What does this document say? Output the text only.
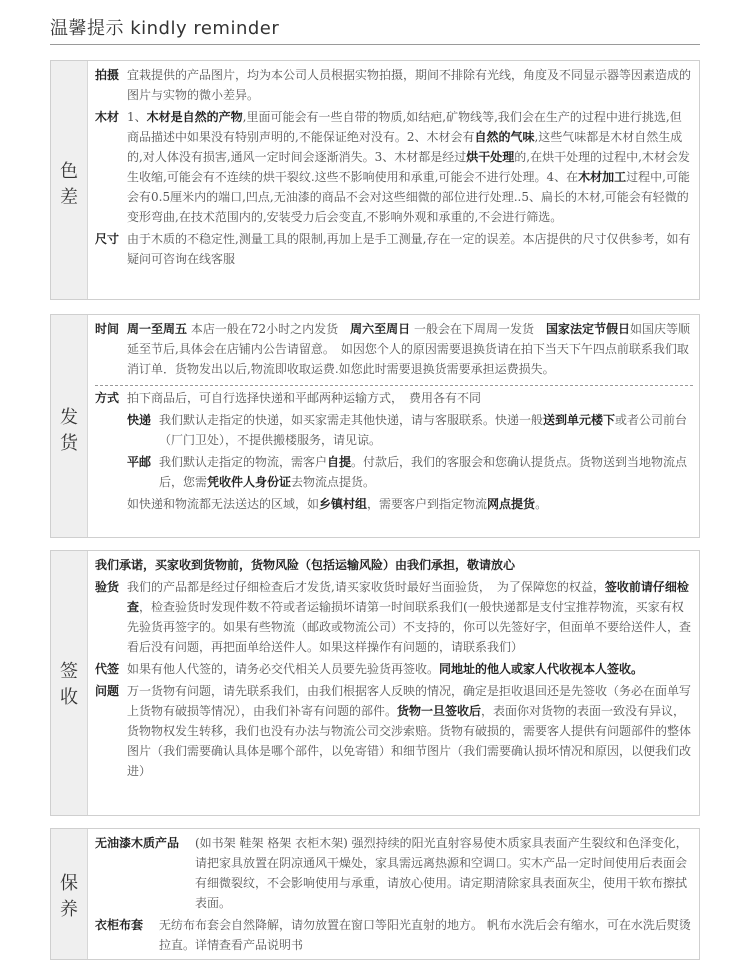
温馨提示 kindly reminder
色
差
拍摄 宜栽提供的产品图片，均为本公司人员根据实物拍摄，期间不排除有光线，角度及不同显示器等因素造成的图片与实物的微小差异。
木材 1、木材是自然的产物,里面可能会有一些自带的物质,如结疤,矿物线等,我们会在生产的过程中进行挑选,但商品描述中如果没有特别声明的,不能保证绝对没有。2、木材会有自然的气味,这些气味都是木材自然生成的,对人体没有损害,通风一定时间会逐渐消失。3、木材都是经过烘干处理的,在烘干处理的过程中,木材会发生收缩,可能会有不连续的烘干裂纹.这些不影响使用和承重,可能会不进行处理。4、在木材加工过程中,可能会有0.5厘米内的端口,凹点,无油漆的商品不会对这些细微的部位进行处理..5、扁长的木材,可能会有轻微的变形弯曲,在技术范围内的,安装受力后会变直,不影响外观和承重的,不会进行筛选。
尺寸 由于木质的不稳定性,测量工具的限制,再加上是手工测量,存在一定的误差。本店提供的尺寸仅供参考，如有疑问可咨询在线客服
发
货
时间 周一至周五 本店一般在72小时之内发货　周六至周日 一般会在下周周一发货　国家法定节假日如国庆等顺延至节后,具体会在店铺内公告请留意。　如因您个人的原因需要退换货请在拍下当天下午四点前联系我们取消订单．货物发出以后,物流即收取运费.如您此时需要退换货需要承担运费损失。
方式 拍下商品后，可自行选择快递和平邮两种运输方式，　费用各有不同
快递 我们默认走指定的快递，如买家需走其他快递，请与客服联系。快递一般送到单元楼下或者公司前台（厂门卫处），不提供搬楼服务，请见谅。
平邮 我们默认走指定的物流，需客户自提。付款后，我们的客服会和您确认提货点。货物送到当地物流点后，您需凭收件人身份证去物流点提货。
如快递和物流都无法送达的区域，如乡镇村组，需要客户到指定物流网点提货。
签
收
我们承诺，买家收到货物前，货物风险（包括运输风险）由我们承担，敬请放心
验货 我们的产品都是经过仔细检查后才发货,请买家收货时最好当面验货，　为了保障您的权益，签收前请仔细检查，检查验货时发现件数不符或者运输损坏请第一时间联系我们(一般快递都是支付宝推荐物流，买家有权先验货再签字的。如果有些物流（邮政或物流公司）不支持的，你可以先签好字，但面单不要给送件人，查看后没有问题，再把面单给送件人。如果这样操作有问题的，请联系我们）
代签 如果有他人代签的，请务必交代相关人员要先验货再签收。同地址的他人或家人代收视本人签收。
问题 万一货物有问题，请先联系我们，由我们根据客人反映的情况，确定是拒收退回还是先签收（务必在面单写上货物有破损等情况），由我们补寄有问题的部件。货物一旦签收后，表面你对货物的表面一致没有异议，货物物权发生转移，我们也没有办法与物流公司交涉索赔。货物有破损的，需要客人提供有问题部件的整体图片（我们需要确认具体是哪个部件，以免寄错）和细节图片（我们需要确认损坏情况和原因，以便我们改进）
保
养
无油漆木质产品 (如书架 鞋架 格架 衣柜木架) 强烈持续的阳光直射容易使木质家具表面产生裂纹和色泽变化，请把家具放置在阴凉通风干燥处，家具需远离热源和空调口。实木产品一定时间使用后表面会有细微裂纹，不会影响使用与承重，请放心使用。请定期清除家具表面灰尘，使用干软布擦拭表面。
衣柜布套 无纺布布套会自然降解，请勿放置在窗口等阳光直射的地方。 帆布水洗后会有缩水，可在水洗后熨烫拉直。详情查看产品说明书
